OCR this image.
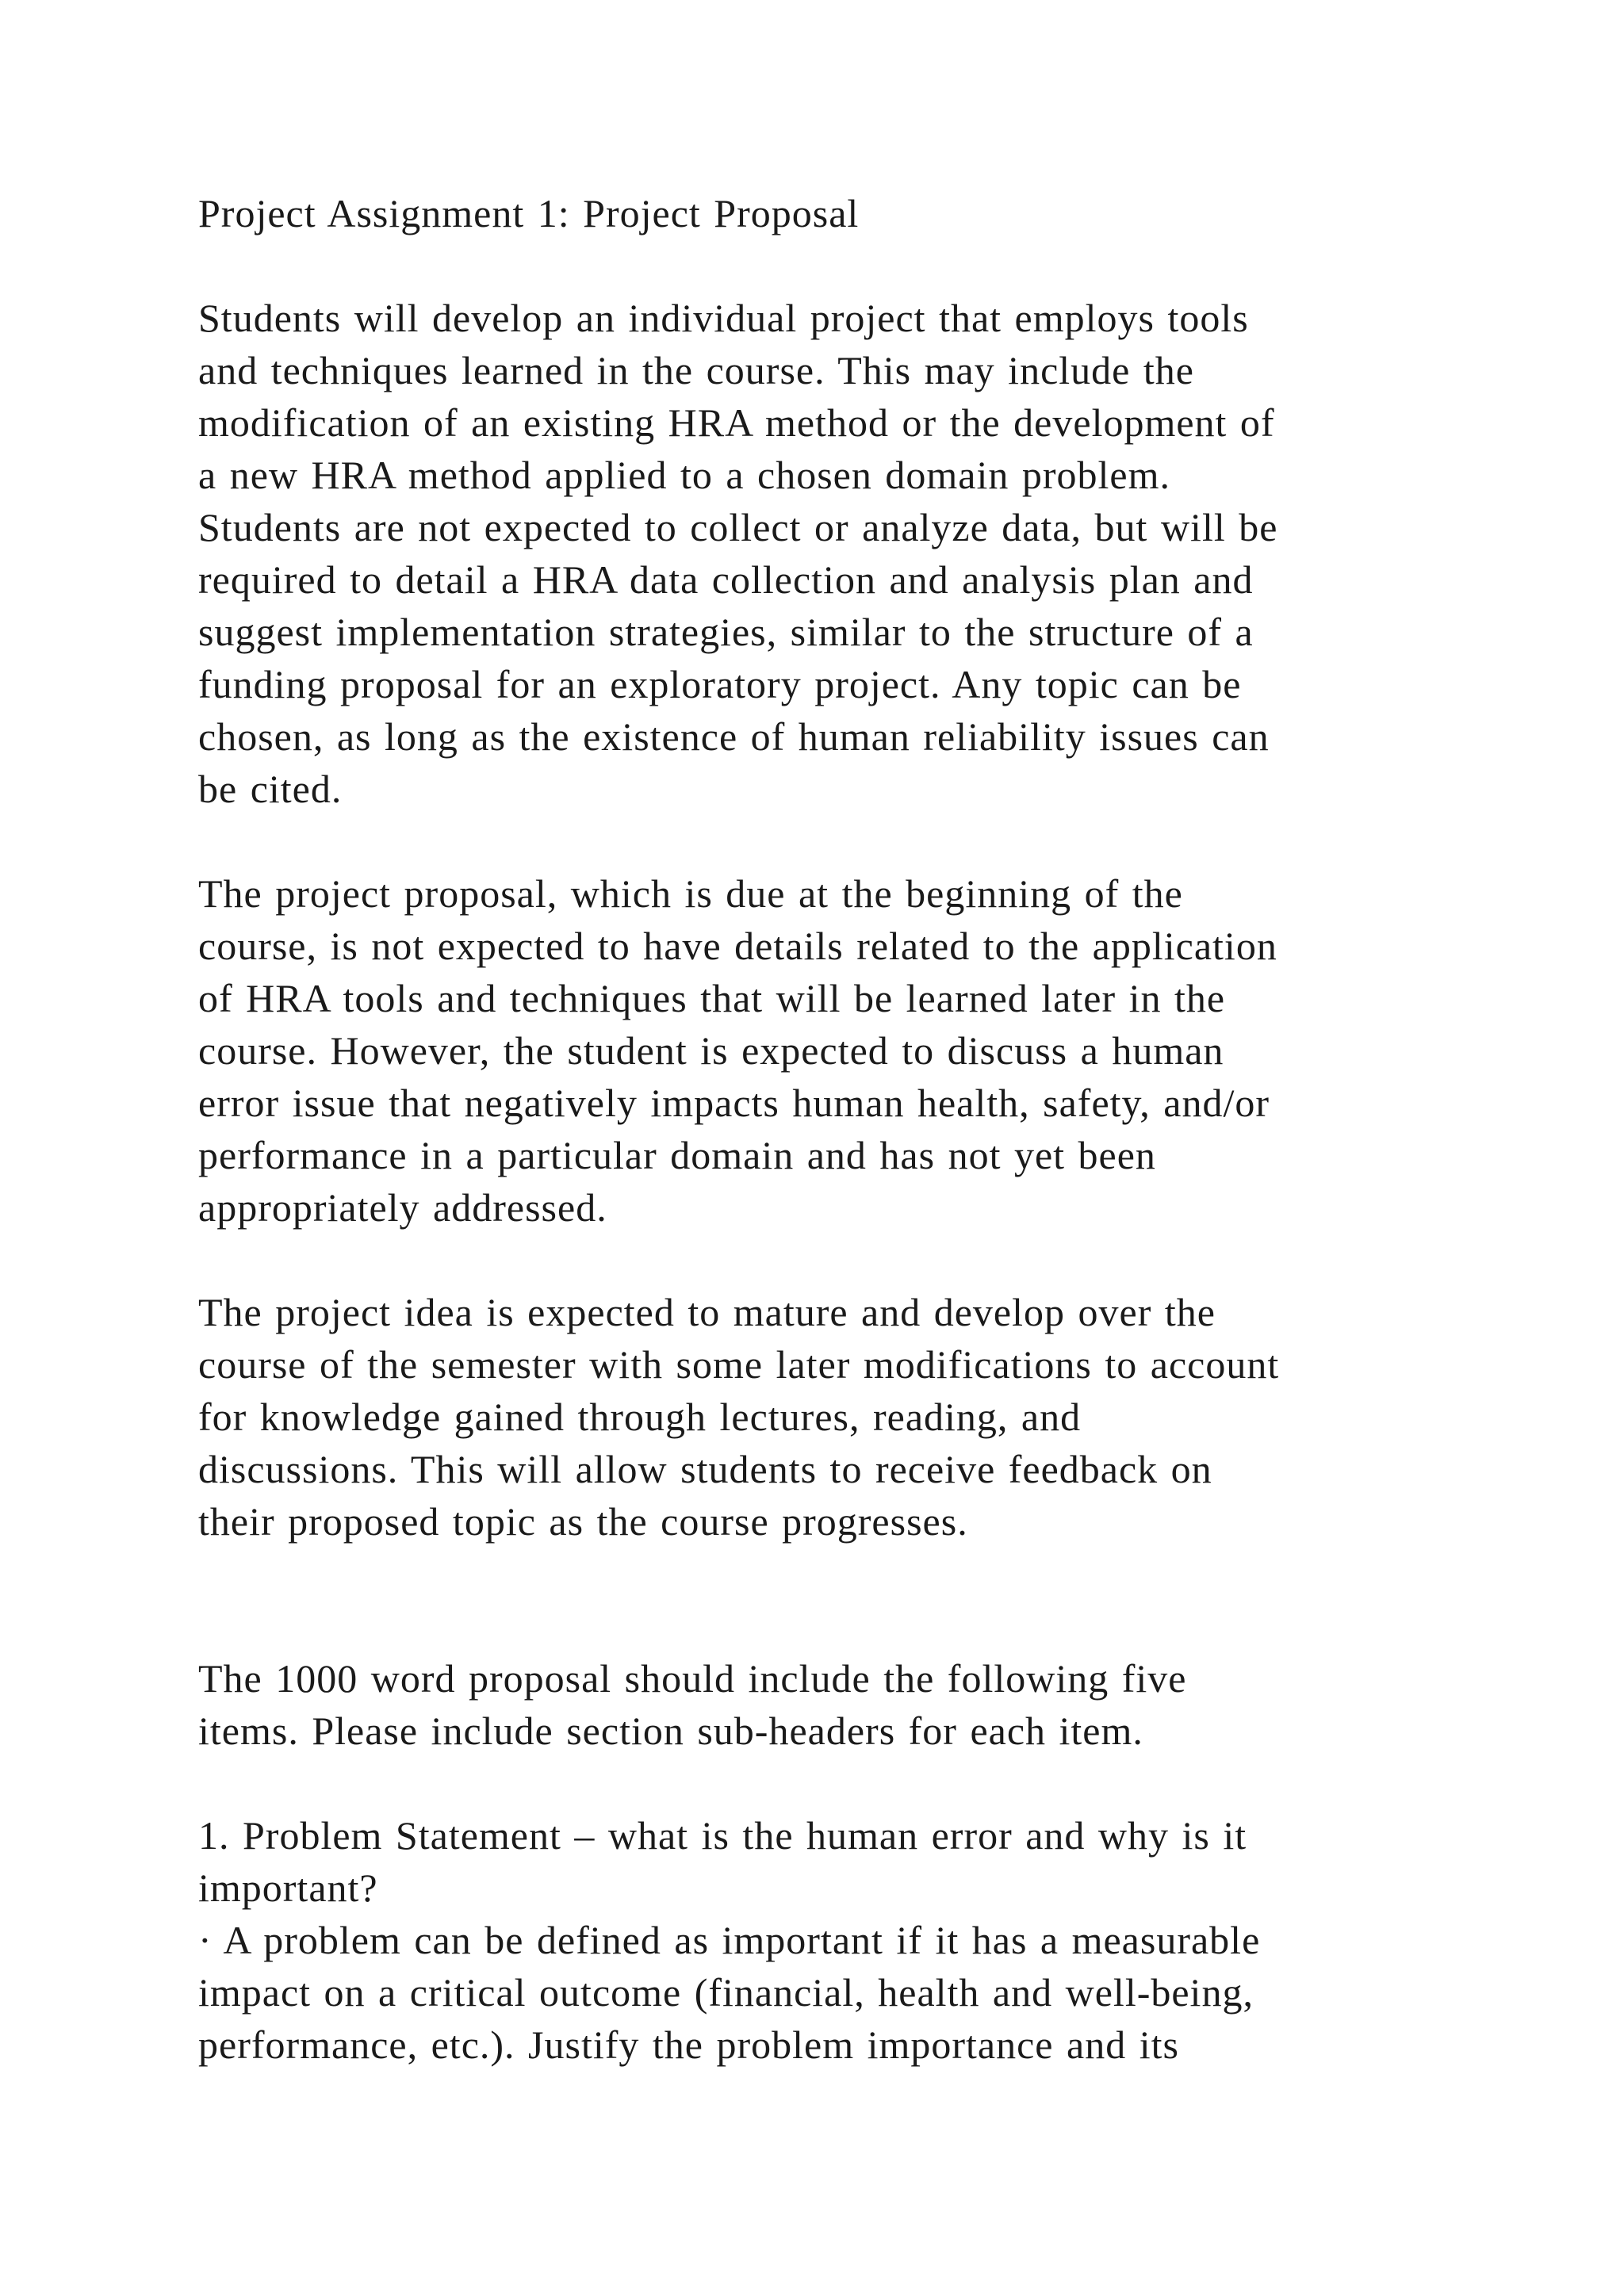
Project Assignment 1: Project Proposal
Students will develop an individual project that employs tools
and techniques learned in the course. This may include the
modification of an existing HRA method or the development of
a new HRA method applied to a chosen domain problem.
Students are not expected to collect or analyze data, but will be
required to detail a HRA data collection and analysis plan and
suggest implementation strategies, similar to the structure of a
funding proposal for an exploratory project. Any topic can be
chosen, as long as the existence of human reliability issues can
be cited.
The project proposal, which is due at the beginning of the
course, is not expected to have details related to the application
of HRA tools and techniques that will be learned later in the
course. However, the student is expected to discuss a human
error issue that negatively impacts human health, safety, and/or
performance in a particular domain and has not yet been
appropriately addressed.
The project idea is expected to mature and develop over the
course of the semester with some later modifications to account
for knowledge gained through lectures, reading, and
discussions. This will allow students to receive feedback on
their proposed topic as the course progresses.
The 1000 word proposal should include the following five
items. Please include section sub-headers for each item.
1. Problem Statement – what is the human error and why is it
important?
· A problem can be defined as important if it has a measurable
impact on a critical outcome (financial, health and well-being,
performance, etc.). Justify the problem importance and its
